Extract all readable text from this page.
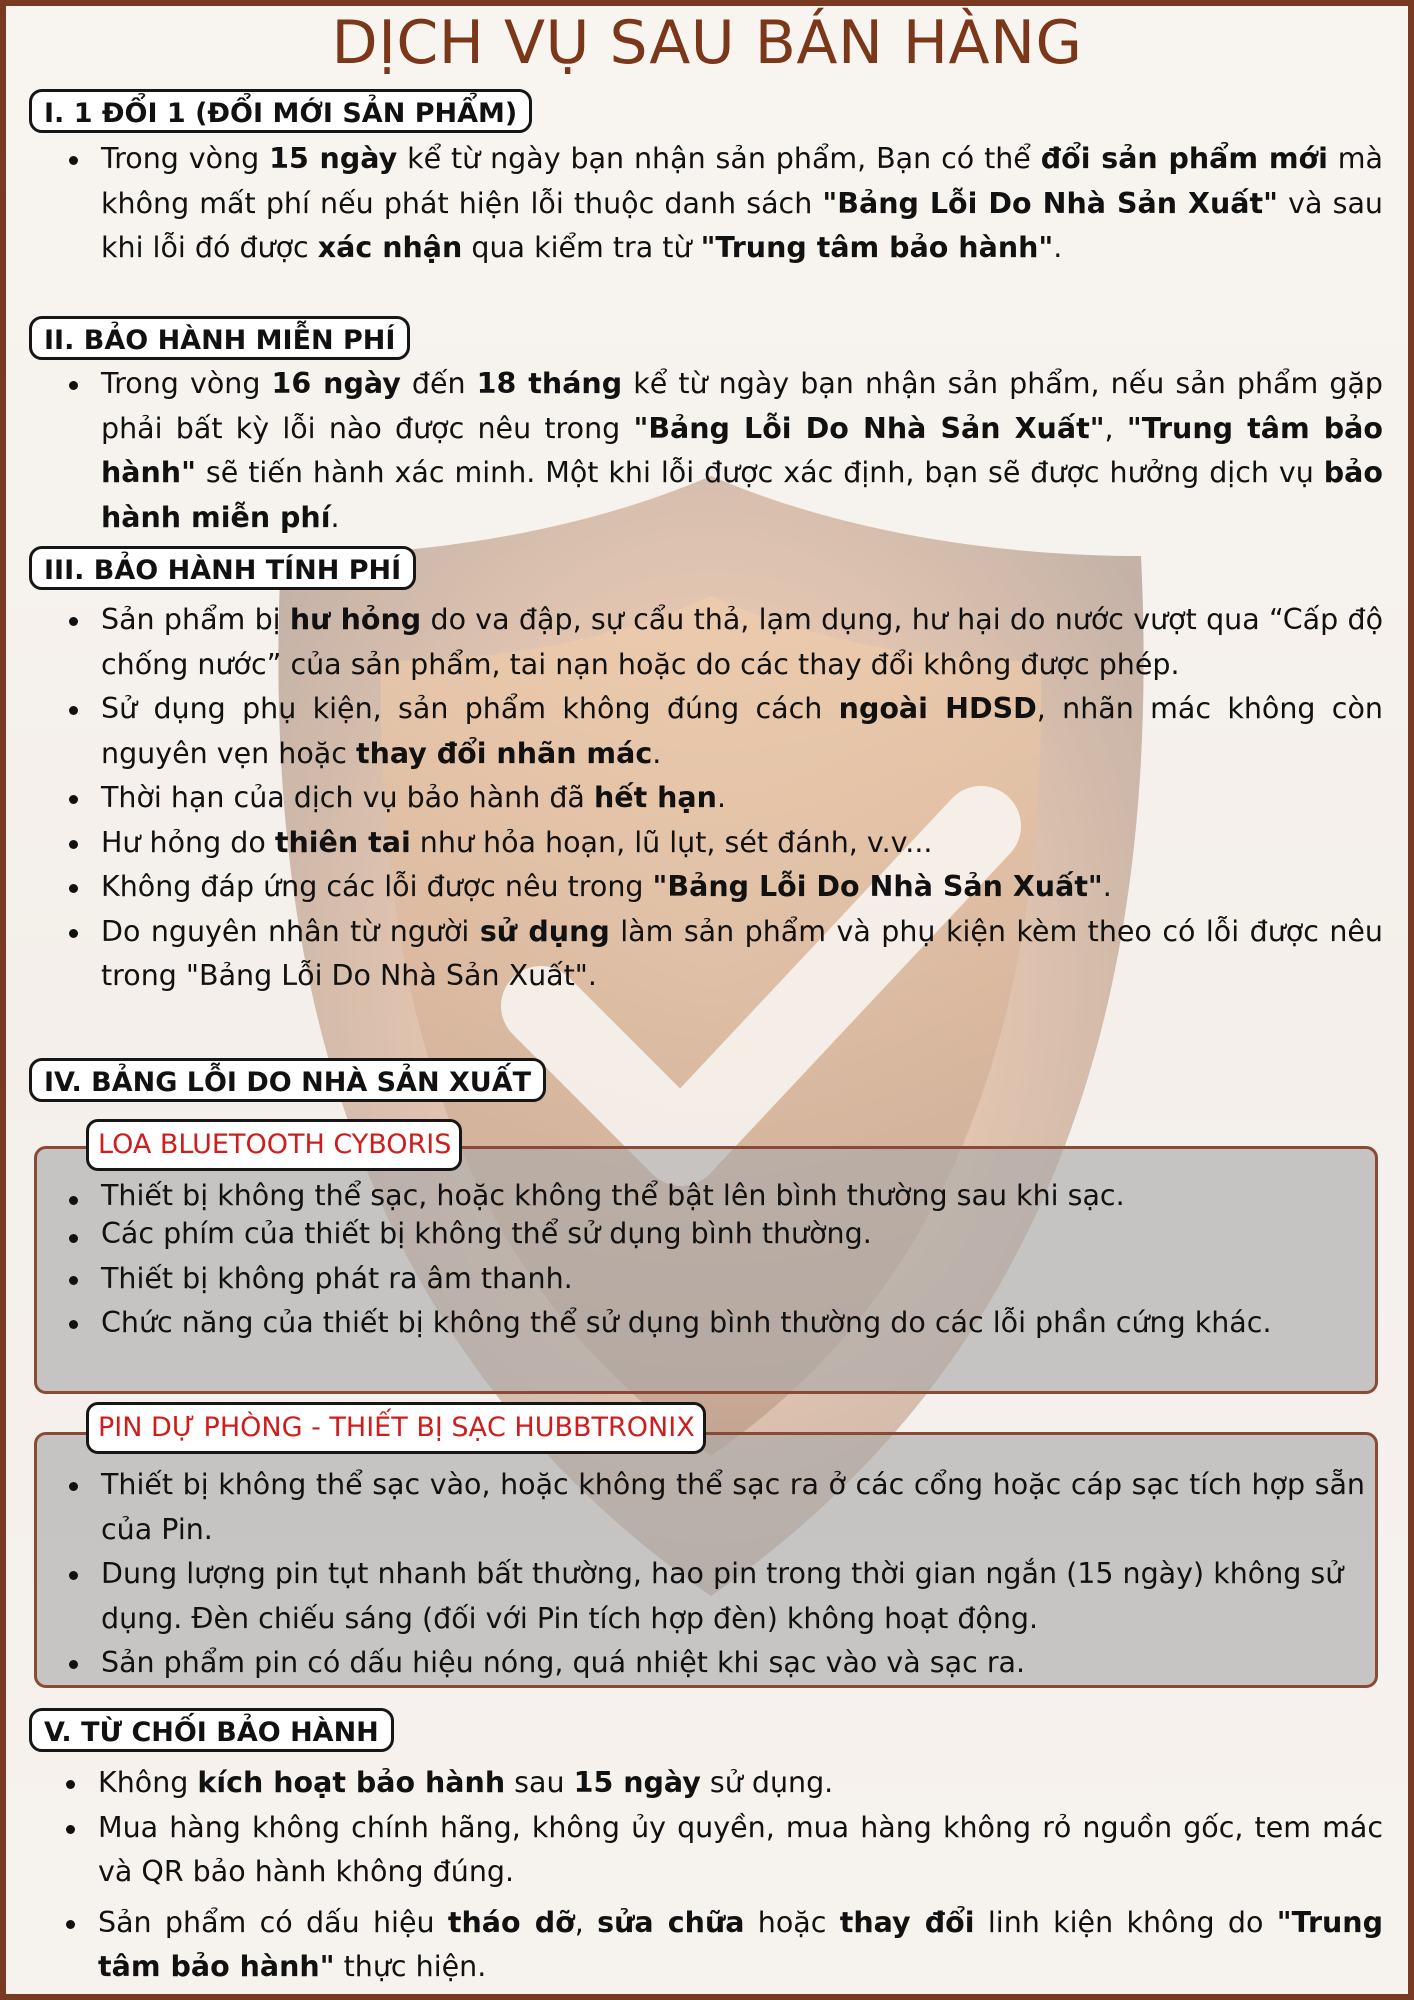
DỊCH VỤ SAU BÁN HÀNG
I. 1 ĐỔI 1 (ĐỔI MỚI SẢN PHẨM)
Trong vòng 15 ngày kể từ ngày bạn nhận sản phẩm, Bạn có thể đổi sản phẩm mới mà không mất phí nếu phát hiện lỗi thuộc danh sách "Bảng Lỗi Do Nhà Sản Xuất" và sau khi lỗi đó được xác nhận qua kiểm tra từ "Trung tâm bảo hành".
II. BẢO HÀNH MIỄN PHÍ
Trong vòng 16 ngày đến 18 tháng kể từ ngày bạn nhận sản phẩm, nếu sản phẩm gặp phải bất kỳ lỗi nào được nêu trong "Bảng Lỗi Do Nhà Sản Xuất", "Trung tâm bảo hành" sẽ tiến hành xác minh. Một khi lỗi được xác định, bạn sẽ được hưởng dịch vụ bảo hành miễn phí.
III. BẢO HÀNH TÍNH PHÍ
Sản phẩm bị hư hỏng do va đập, sự cẩu thả, lạm dụng, hư hại do nước vượt qua “Cấp độ chống nước” của sản phẩm, tai nạn hoặc do các thay đổi không được phép.
Sử dụng phụ kiện, sản phẩm không đúng cách ngoài HDSD, nhãn mác không còn nguyên vẹn hoặc thay đổi nhãn mác.
Thời hạn của dịch vụ bảo hành đã hết hạn.
Hư hỏng do thiên tai như hỏa hoạn, lũ lụt, sét đánh, v.v...
Không đáp ứng các lỗi được nêu trong "Bảng Lỗi Do Nhà Sản Xuất".
Do nguyên nhân từ người sử dụng làm sản phẩm và phụ kiện kèm theo có lỗi được nêu trong "Bảng Lỗi Do Nhà Sản Xuất".
IV. BẢNG LỖI DO NHÀ SẢN XUẤT
LOA BLUETOOTH CYBORIS
Thiết bị không thể sạc, hoặc không thể bật lên bình thường sau khi sạc.
Các phím của thiết bị không thể sử dụng bình thường.
Thiết bị không phát ra âm thanh.
Chức năng của thiết bị không thể sử dụng bình thường do các lỗi phần cứng khác.
PIN DỰ PHÒNG - THIẾT BỊ SẠC HUBBTRONIX
Thiết bị không thể sạc vào, hoặc không thể sạc ra ở các cổng hoặc cáp sạc tích hợp sẵn của Pin.
Dung lượng pin tụt nhanh bất thường, hao pin trong thời gian ngắn (15 ngày) không sử dụng. Đèn chiếu sáng (đối với Pin tích hợp đèn) không hoạt động.
Sản phẩm pin có dấu hiệu nóng, quá nhiệt khi sạc vào và sạc ra.
V. TỪ CHỐI BẢO HÀNH
Không kích hoạt bảo hành sau 15 ngày sử dụng.
Mua hàng không chính hãng, không ủy quyền, mua hàng không rỏ nguồn gốc, tem mác và QR bảo hành không đúng.
Sản phẩm có dấu hiệu tháo dỡ, sửa chữa hoặc thay đổi linh kiện không do "Trung tâm bảo hành" thực hiện.
